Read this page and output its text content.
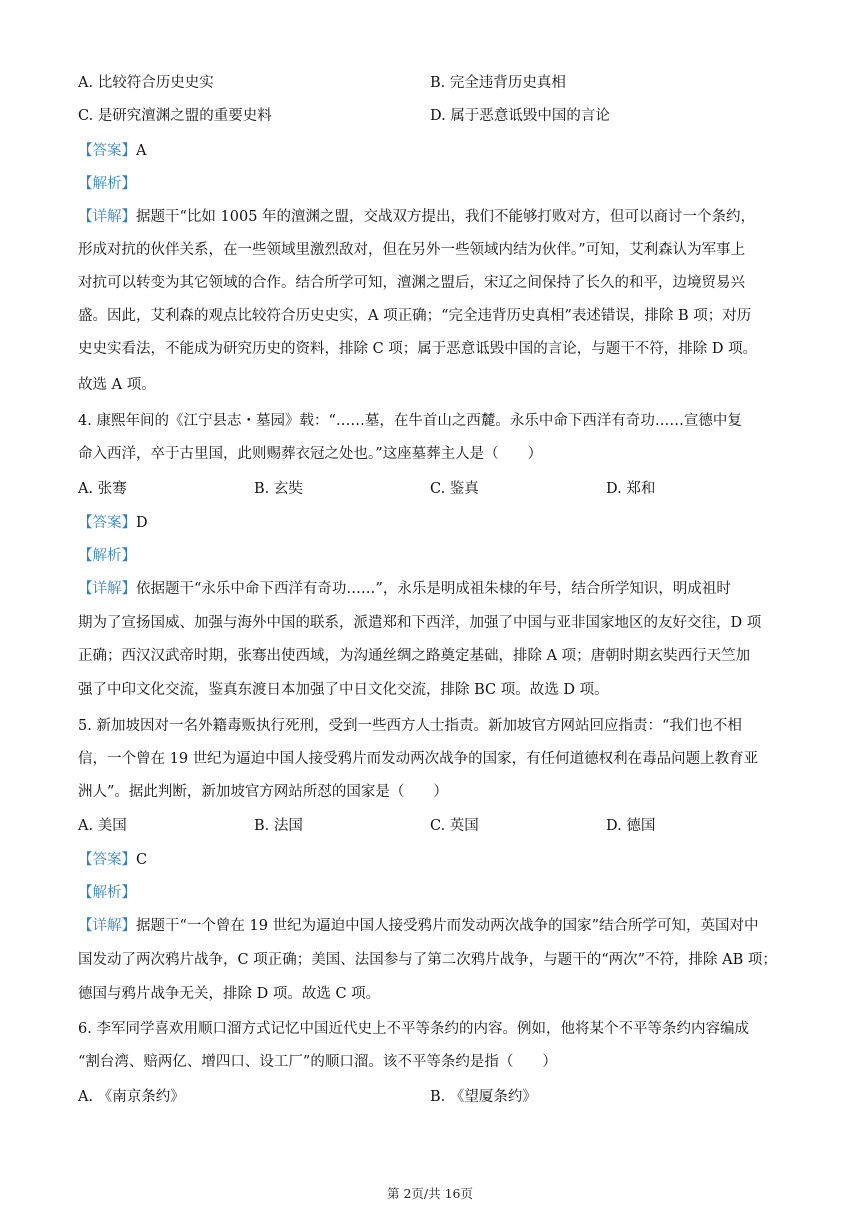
A. 比较符合历史史实	B. 完全违背历史真相
C. 是研究澶渊之盟的重要史料	D. 属于恶意诋毁中国的言论
【答案】A
【解析】
【详解】据题干“比如 1005 年的澶渊之盟，交战双方提出，我们不能够打败对方，但可以商讨一个条约，
形成对抗的伙伴关系，在一些领域里激烈敌对，但在另外一些领域内结为伙伴。”可知，艾利森认为军事上
对抗可以转变为其它领域的合作。结合所学可知，澶渊之盟后，宋辽之间保持了长久的和平，边境贸易兴
盛。因此，艾利森的观点比较符合历史史实，A 项正确；“完全违背历史真相”表述错误，排除 B 项；对历
史史实看法，不能成为研究历史的资料，排除 C 项；属于恶意诋毁中国的言论，与题干不符，排除 D 项。
故选 A 项。
4. 康熙年间的《江宁县志・墓园》载：“……墓，在牛首山之西麓。永乐中命下西洋有奇功……宣德中复
命入西洋，卒于古里国，此则赐葬衣冠之处也。”这座墓葬主人是（　　）
A. 张骞	B. 玄奘	C. 鉴真	D. 郑和
【答案】D
【解析】
【详解】依据题干“永乐中命下西洋有奇功……”，永乐是明成祖朱棣的年号，结合所学知识，明成祖时
期为了宣扬国威、加强与海外中国的联系，派遣郑和下西洋，加强了中国与亚非国家地区的友好交往，D 项
正确；西汉汉武帝时期，张骞出使西域，为沟通丝绸之路奠定基础，排除 A 项；唐朝时期玄奘西行天竺加
强了中印文化交流，鉴真东渡日本加强了中日文化交流，排除 BC 项。故选 D 项。
5. 新加坡因对一名外籍毒贩执行死刑，受到一些西方人士指责。新加坡官方网站回应指责：“我们也不相
信，一个曾在 19 世纪为逼迫中国人接受鸦片而发动两次战争的国家，有任何道德权利在毒品问题上教育亚
洲人”。据此判断，新加坡官方网站所怼的国家是（　　）
A. 美国	B. 法国	C. 英国	D. 德国
【答案】C
【解析】
【详解】据题干“一个曾在 19 世纪为逼迫中国人接受鸦片而发动两次战争的国家”结合所学可知，英国对中
国发动了两次鸦片战争，C 项正确；美国、法国参与了第二次鸦片战争，与题干的“两次”不符，排除 AB 项；
德国与鸦片战争无关，排除 D 项。故选 C 项。
6. 李军同学喜欢用顺口溜方式记忆中国近代史上不平等条约的内容。例如，他将某个不平等条约内容编成
“割台湾、赔两亿、增四口、设工厂”的顺口溜。该不平等条约是指（　　）
A. 《南京条约》	B. 《望厦条约》
第 2页/共 16页
